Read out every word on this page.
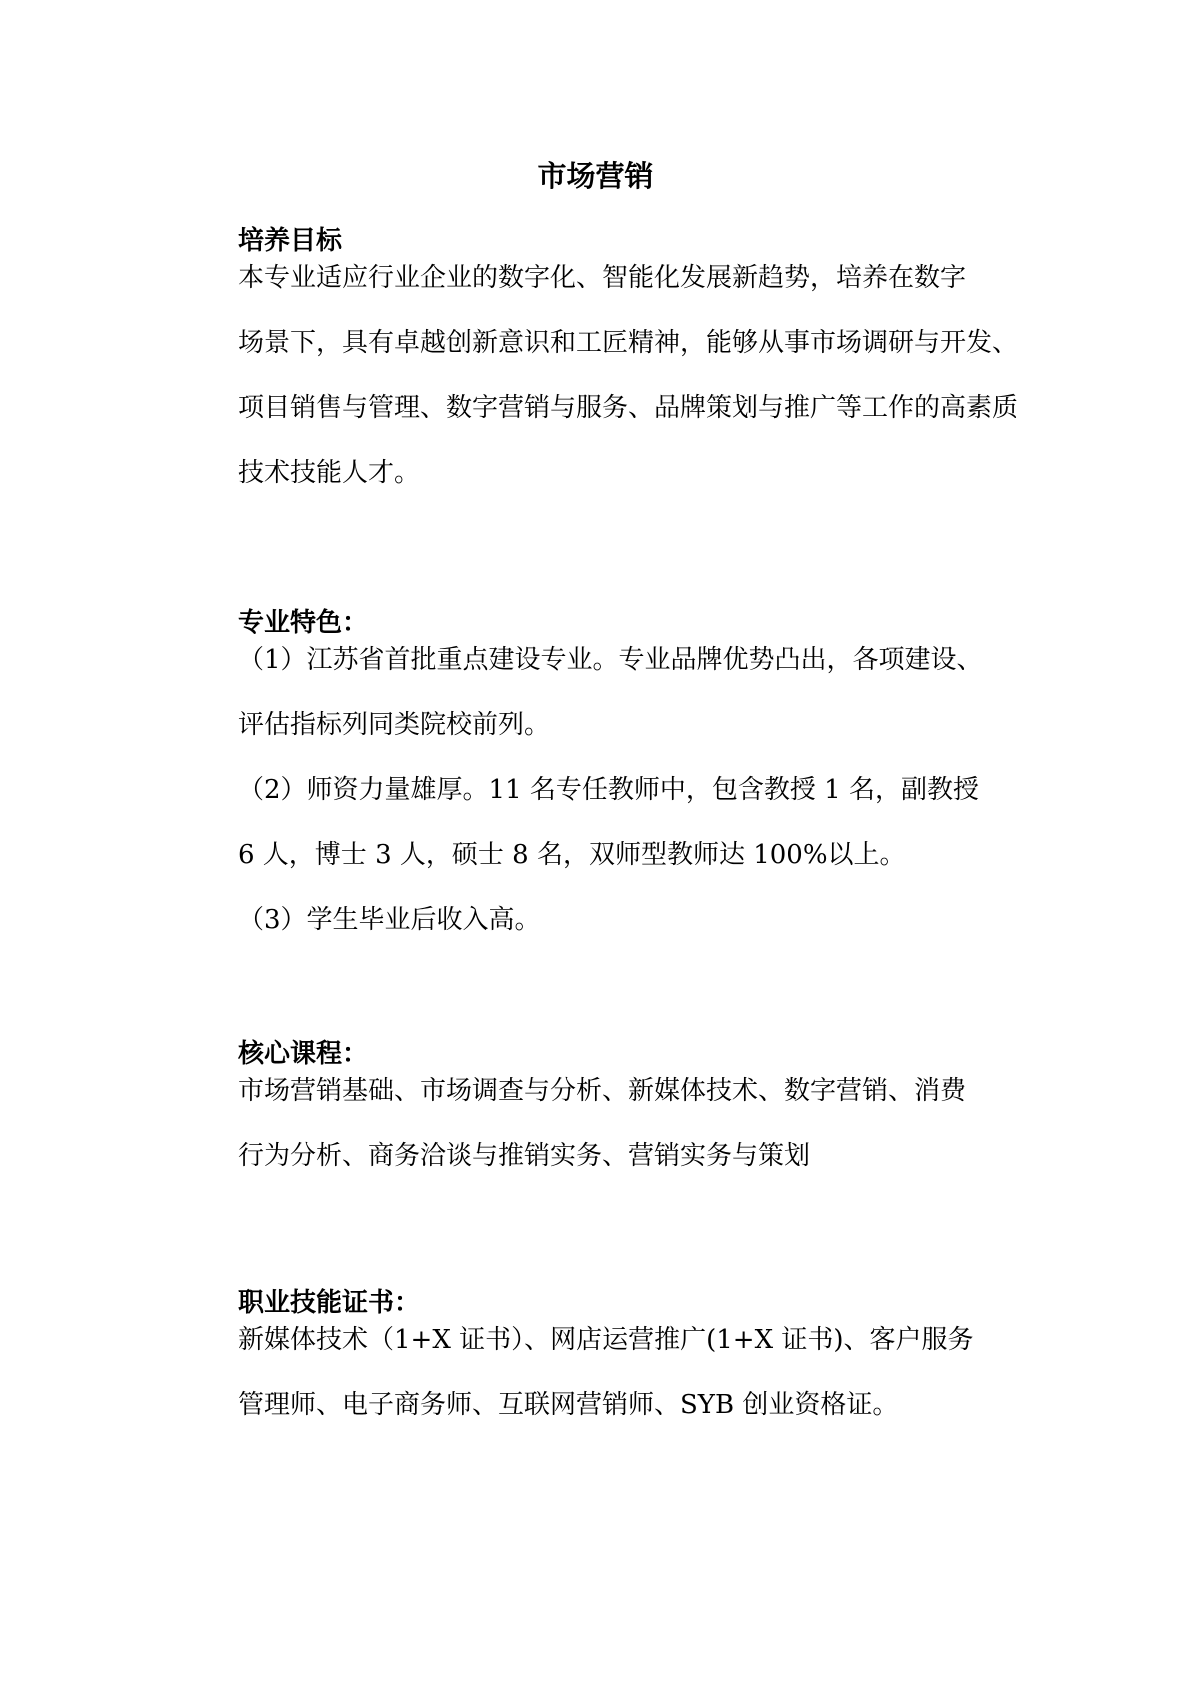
市场营销
培养目标

本专业适应行业企业的数字化、智能化发展新趋势，培养在数字
场景下，具有卓越创新意识和工匠精神，能够从事市场调研与开发、
项目销售与管理、数字营销与服务、品牌策划与推广等工作的高素质
技术技能人才。

专业特色：

（1）江苏省首批重点建设专业。专业品牌优势凸出，各项建设、
评估指标列同类院校前列。

（2）师资力量雄厚。11 名专任教师中，包含教授 1 名，副教授
6 人，博士 3 人，硕士 8 名，双师型教师达 100%以上。

（3）学生毕业后收入高。

核心课程：

市场营销基础、市场调查与分析、新媒体技术、数字营销、消费
行为分析、商务洽谈与推销实务、营销实务与策划

职业技能证书：

新媒体技术（1+X 证书）、网店运营推广(1+X 证书)、客户服务
管理师、电子商务师、互联网营销师、SYB 创业资格证。
